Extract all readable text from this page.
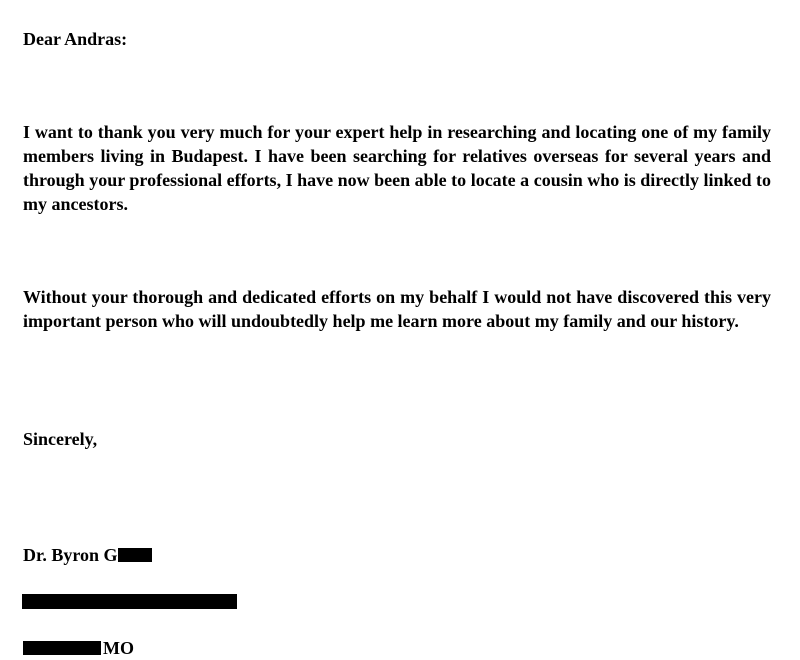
Dear Andras:
I want to thank you very much for your expert help in researching and locating one of my family members living in Budapest. I have been searching for relatives overseas for several years and through your professional efforts, I have now been able to locate a cousin who is directly linked to my ancestors.
Without your thorough and dedicated efforts on my behalf I would not have discovered this very important person who will undoubtedly help me learn more about my family and our history.
Sincerely,
Dr. Byron G
MO
